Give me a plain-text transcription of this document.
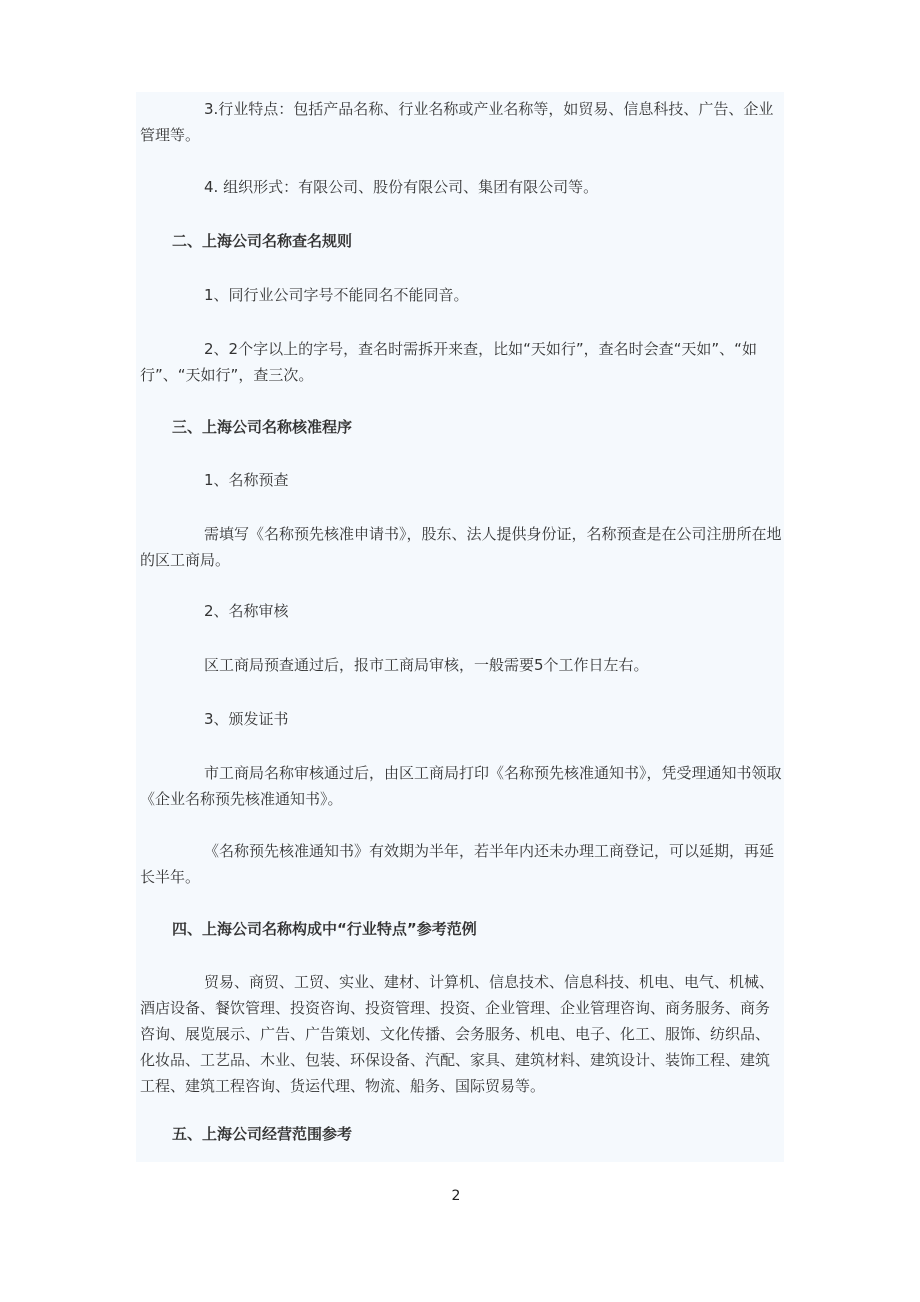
3.行业特点：包括产品名称、行业名称或产业名称等，如贸易、信息科技、广告、企业管理等。

4. 组织形式：有限公司、股份有限公司、集团有限公司等。

二、上海公司名称查名规则

1、同行业公司字号不能同名不能同音。

2、2个字以上的字号，查名时需拆开来查，比如“天如行”，查名时会查“天如”、“如行”、“天如行”，查三次。

三、上海公司名称核准程序

1、名称预查

需填写《名称预先核准申请书》，股东、法人提供身份证，名称预查是在公司注册所在地的区工商局。

2、名称审核

区工商局预查通过后，报市工商局审核，一般需要5个工作日左右。

3、颁发证书

市工商局名称审核通过后，由区工商局打印《名称预先核准通知书》，凭受理通知书领取《企业名称预先核准通知书》。

《名称预先核准通知书》有效期为半年，若半年内还未办理工商登记，可以延期，再延长半年。

四、上海公司名称构成中“行业特点”参考范例

贸易、商贸、工贸、实业、建材、计算机、信息技术、信息科技、机电、电气、机械、酒店设备、餐饮管理、投资咨询、投资管理、投资、企业管理、企业管理咨询、商务服务、商务咨询、展览展示、广告、广告策划、文化传播、会务服务、机电、电子、化工、服饰、纺织品、化妆品、工艺品、木业、包装、环保设备、汽配、家具、建筑材料、建筑设计、装饰工程、建筑工程、建筑工程咨询、货运代理、物流、船务、国际贸易等。

五、上海公司经营范围参考
2
